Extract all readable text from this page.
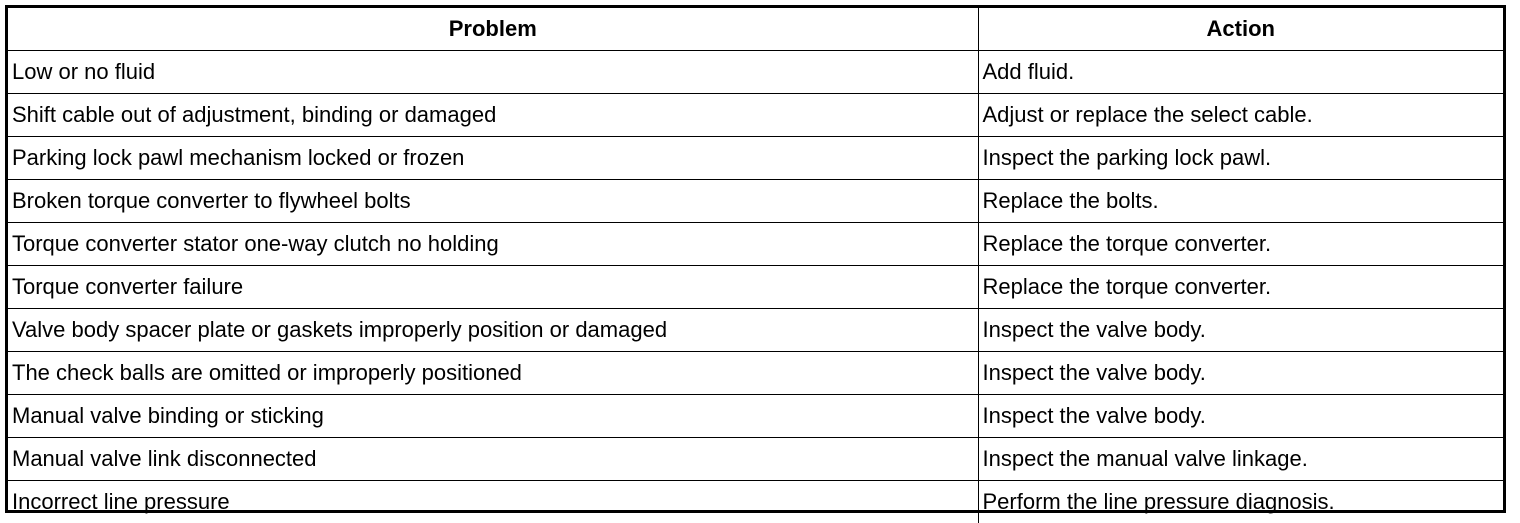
Problem	Action
Low or no fluid	Add fluid.
Shift cable out of adjustment, binding or damaged	Adjust or replace the select cable.
Parking lock pawl mechanism locked or frozen	Inspect the parking lock pawl.
Broken torque converter to flywheel bolts	Replace the bolts.
Torque converter stator one-way clutch no holding	Replace the torque converter.
Torque converter failure	Replace the torque converter.
Valve body spacer plate or gaskets improperly position or damaged	Inspect the valve body.
The check balls are omitted or improperly positioned	Inspect the valve body.
Manual valve binding or sticking	Inspect the valve body.
Manual valve link disconnected	Inspect the manual valve linkage.
Incorrect line pressure	Perform the line pressure diagnosis.
